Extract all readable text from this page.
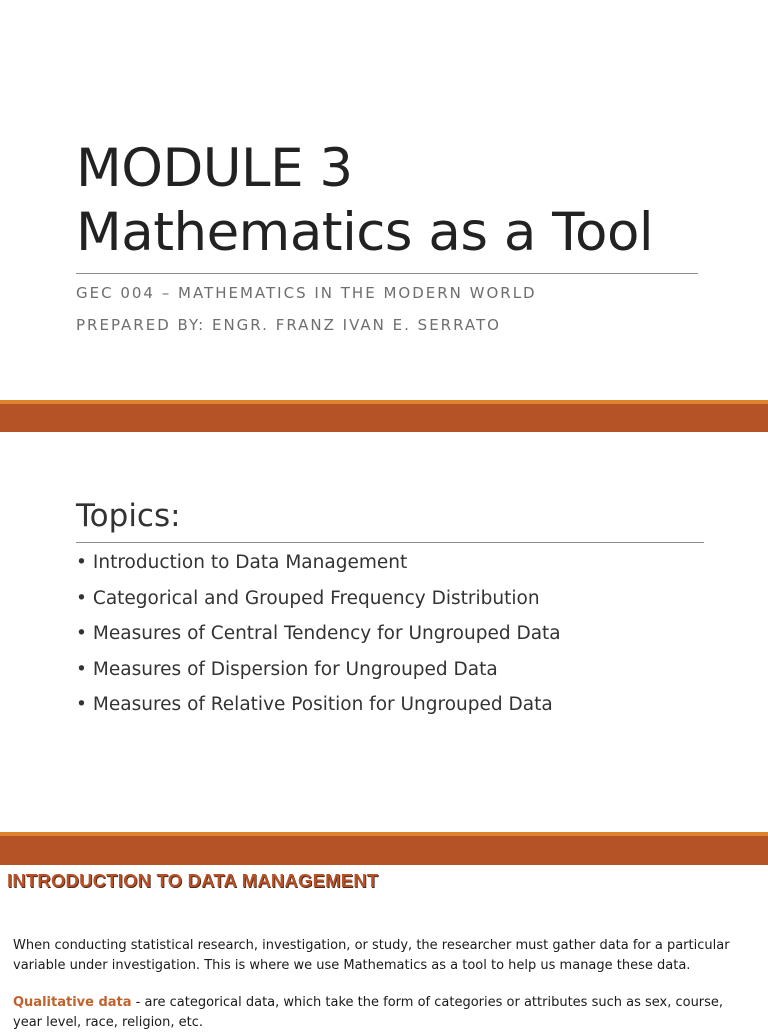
MODULE 3
Mathematics as a Tool
GEC 004 – MATHEMATICS IN THE MODERN WORLD
PREPARED BY: ENGR. FRANZ IVAN E. SERRATO
Topics:
• Introduction to Data Management
• Categorical and Grouped Frequency Distribution
• Measures of Central Tendency for Ungrouped Data
• Measures of Dispersion for Ungrouped Data
• Measures of Relative Position for Ungrouped Data
INTRODUCTION TO DATA MANAGEMENT

When conducting statistical research, investigation, or study, the researcher must gather data for a particular variable under investigation. This is where we use Mathematics as a tool to help us manage these data.

Qualitative data - are categorical data, which take the form of categories or attributes such as sex, course, year level, race, religion, etc.
